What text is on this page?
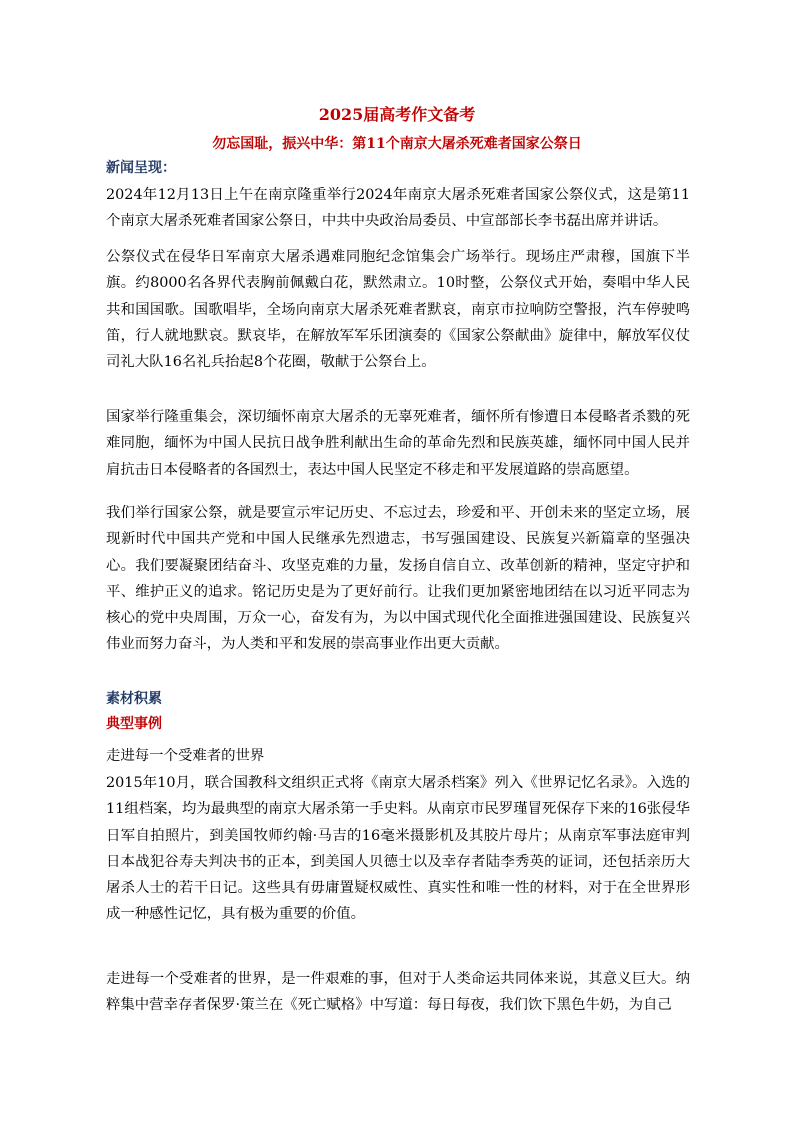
2025届高考作文备考
勿忘国耻，振兴中华：第11个南京大屠杀死难者国家公祭日
新闻呈现：

2024年12月13日上午在南京隆重举行2024年南京大屠杀死难者国家公祭仪式，这是第11个南京大屠杀死难者国家公祭日，中共中央政治局委员、中宣部部长李书磊出席并讲话。

公祭仪式在侵华日军南京大屠杀遇难同胞纪念馆集会广场举行。现场庄严肃穆，国旗下半旗。约8000名各界代表胸前佩戴白花，默然肃立。10时整，公祭仪式开始，奏唱中华人民共和国国歌。国歌唱毕，全场向南京大屠杀死难者默哀，南京市拉响防空警报，汽车停驶鸣笛，行人就地默哀。默哀毕，在解放军军乐团演奏的《国家公祭献曲》旋律中，解放军仪仗司礼大队16名礼兵抬起8个花圈，敬献于公祭台上。

国家举行隆重集会，深切缅怀南京大屠杀的无辜死难者，缅怀所有惨遭日本侵略者杀戮的死难同胞，缅怀为中国人民抗日战争胜利献出生命的革命先烈和民族英雄，缅怀同中国人民并肩抗击日本侵略者的各国烈士，表达中国人民坚定不移走和平发展道路的崇高愿望。

我们举行国家公祭，就是要宣示牢记历史、不忘过去，珍爱和平、开创未来的坚定立场，展现新时代中国共产党和中国人民继承先烈遗志，书写强国建设、民族复兴新篇章的坚强决心。我们要凝聚团结奋斗、攻坚克难的力量，发扬自信自立、改革创新的精神，坚定守护和平、维护正义的追求。铭记历史是为了更好前行。让我们更加紧密地团结在以习近平同志为核心的党中央周围，万众一心，奋发有为，为以中国式现代化全面推进强国建设、民族复兴伟业而努力奋斗，为人类和平和发展的崇高事业作出更大贡献。

素材积累
典型事例
走进每一个受难者的世界

2015年10月，联合国教科文组织正式将《南京大屠杀档案》列入《世界记忆名录》。入选的11组档案，均为最典型的南京大屠杀第一手史料。从南京市民罗瑾冒死保存下来的16张侵华日军自拍照片，到美国牧师约翰·马吉的16毫米摄影机及其胶片母片；从南京军事法庭审判日本战犯谷寿夫判决书的正本，到美国人贝德士以及幸存者陆李秀英的证词，还包括亲历大屠杀人士的若干日记。这些具有毋庸置疑权威性、真实性和唯一性的材料，对于在全世界形成一种感性记忆，具有极为重要的价值。

走进每一个受难者的世界，是一件艰难的事，但对于人类命运共同体来说，其意义巨大。纳粹集中营幸存者保罗·策兰在《死亡赋格》中写道：每日每夜，我们饮下黑色牛奶，为自己
